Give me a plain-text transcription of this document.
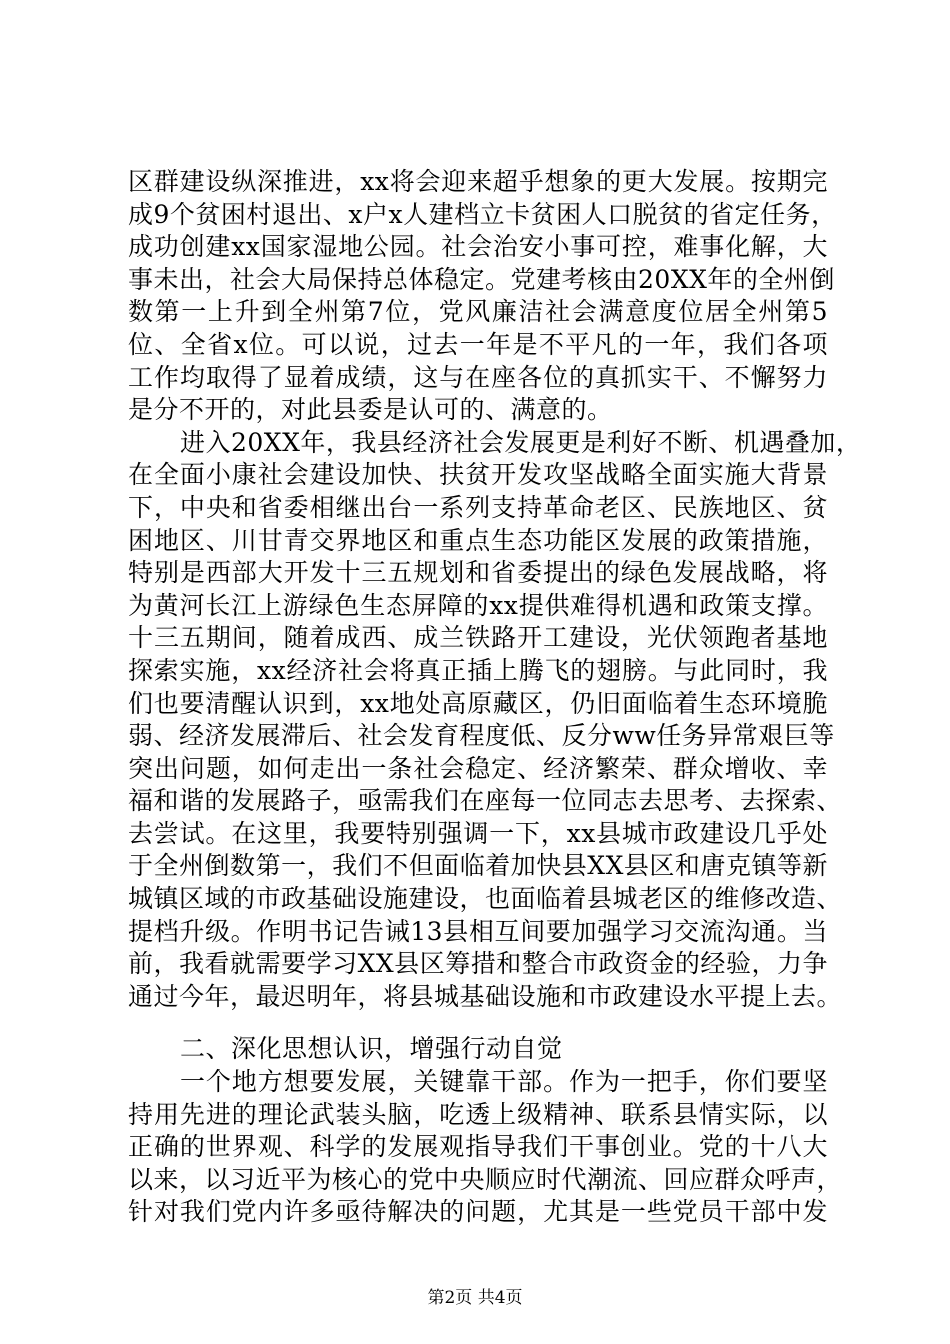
区群建设纵深推进，xx将会迎来超乎想象的更大发展。按期完
成9个贫困村退出、x户x人建档立卡贫困人口脱贫的省定任务，
成功创建xx国家湿地公园。社会治安小事可控，难事化解，大
事未出，社会大局保持总体稳定。党建考核由20XX年的全州倒
数第一上升到全州第7位，党风廉洁社会满意度位居全州第5
位、全省x位。可以说，过去一年是不平凡的一年，我们各项
工作均取得了显着成绩，这与在座各位的真抓实干、不懈努力
是分不开的，对此县委是认可的、满意的。
进入20XX年，我县经济社会发展更是利好不断、机遇叠加，
在全面小康社会建设加快、扶贫开发攻坚战略全面实施大背景
下，中央和省委相继出台一系列支持革命老区、民族地区、贫
困地区、川甘青交界地区和重点生态功能区发展的政策措施，
特别是西部大开发十三五规划和省委提出的绿色发展战略，将
为黄河长江上游绿色生态屏障的xx提供难得机遇和政策支撑。
十三五期间，随着成西、成兰铁路开工建设，光伏领跑者基地
探索实施，xx经济社会将真正插上腾飞的翅膀。与此同时，我
们也要清醒认识到，xx地处高原藏区，仍旧面临着生态环境脆
弱、经济发展滞后、社会发育程度低、反分ww任务异常艰巨等
突出问题，如何走出一条社会稳定、经济繁荣、群众增收、幸
福和谐的发展路子，亟需我们在座每一位同志去思考、去探索、
去尝试。在这里，我要特别强调一下，xx县城市政建设几乎处
于全州倒数第一，我们不但面临着加快县XX县区和唐克镇等新
城镇区域的市政基础设施建设，也面临着县城老区的维修改造、
提档升级。作明书记告诫13县相互间要加强学习交流沟通。当
前，我看就需要学习XX县区筹措和整合市政资金的经验，力争
通过今年，最迟明年，将县城基础设施和市政建设水平提上去。
二、深化思想认识，增强行动自觉
一个地方想要发展，关键靠干部。作为一把手，你们要坚
持用先进的理论武装头脑，吃透上级精神、联系县情实际，以
正确的世界观、科学的发展观指导我们干事创业。党的十八大
以来，以习近平为核心的党中央顺应时代潮流、回应群众呼声，
针对我们党内许多亟待解决的问题，尤其是一些党员干部中发
第2页 共4页
